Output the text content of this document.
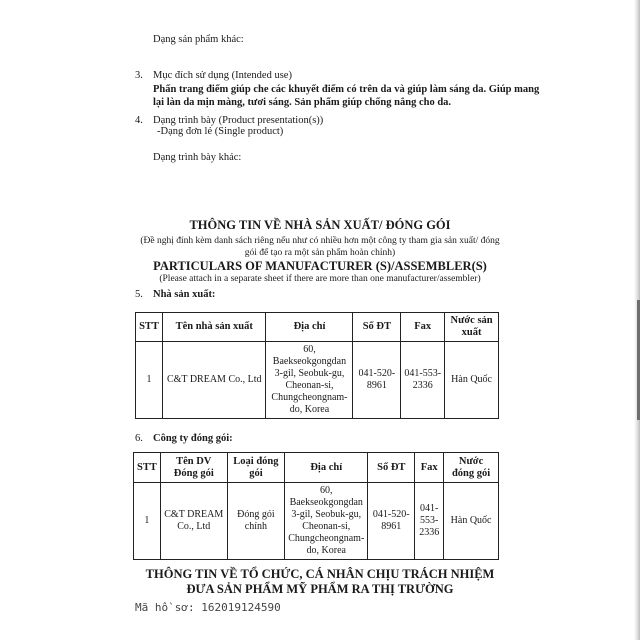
Dạng sản phẩm khác:
3. Mục đích sử dụng (Intended use)
Phấn trang điểm giúp che các khuyết điểm có trên da và giúp làm sáng da. Giúp mang
lại làn da mịn màng, tươi sáng. Sản phẩm giúp chống nắng cho da.
4. Dạng trình bày (Product presentation(s))
-Dạng đơn lẻ (Single product)
Dạng trình bày khác:
THÔNG TIN VỀ NHÀ SẢN XUẤT/ ĐÓNG GÓI
(Đề nghị đính kèm danh sách riêng nếu như có nhiều hơn một công ty tham gia sản xuất/ đóng
gói để tạo ra một sản phẩm hoàn chỉnh)
PARTICULARS OF MANUFACTURER (S)/ASSEMBLER(S)
(Please attach in a separate sheet if there are more than one manufacturer/assembler)
5. Nhà sản xuất:
STT	Tên nhà sản xuất	Địa chỉ	Số ĐT	Fax	Nước sản xuất
1	C&T DREAM Co., Ltd	60, Baekseokgongdan 3-gil, Seobuk-gu, Cheonan-si, Chungcheongnam-do, Korea	041-520-8961	041-553-2336	Hàn Quốc
6. Công ty đóng gói:
STT	Tên DV Đóng gói	Loại đóng gói	Địa chỉ	Số ĐT	Fax	Nước đóng gói
1	C&T DREAM Co., Ltd	Đóng gói chính	60, Baekseokgongdan 3-gil, Seobuk-gu, Cheonan-si, Chungcheongnam-do, Korea	041-520-8961	041-553-2336	Hàn Quốc
THÔNG TIN VỀ TỔ CHỨC, CÁ NHÂN CHỊU TRÁCH NHIỆM
ĐƯA SẢN PHẨM MỸ PHẨM RA THỊ TRƯỜNG
Mã hồ sơ: 162019124590
